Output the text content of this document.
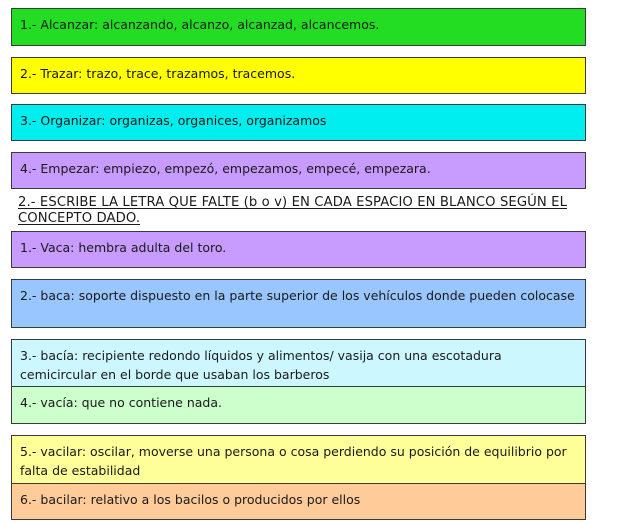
1.- Alcanzar: alcanzando, alcanzo, alcanzad, alcancemos.
2.- Trazar: trazo, trace, trazamos, tracemos.
3.- Organizar: organizas, organices, organizamos
4.- Empezar: empiezo, empezó, empezamos, empecé, empezara.
2.- ESCRIBE LA LETRA QUE FALTE (b o v) EN CADA ESPACIO EN BLANCO SEGÚN EL CONCEPTO DADO.
1.- Vaca: hembra adulta del toro.
2.- baca: soporte dispuesto en la parte superior de los vehículos donde pueden colocase
3.- bacía: recipiente redondo líquidos y alimentos/ vasija con una escotadura cemicircular en el borde que usaban los barberos
4.- vacía: que no contiene nada.
5.- vacilar: oscilar, moverse una persona o cosa perdiendo su posición de equilibrio por falta de estabilidad
6.- bacilar: relativo a los bacilos o producidos por ellos
